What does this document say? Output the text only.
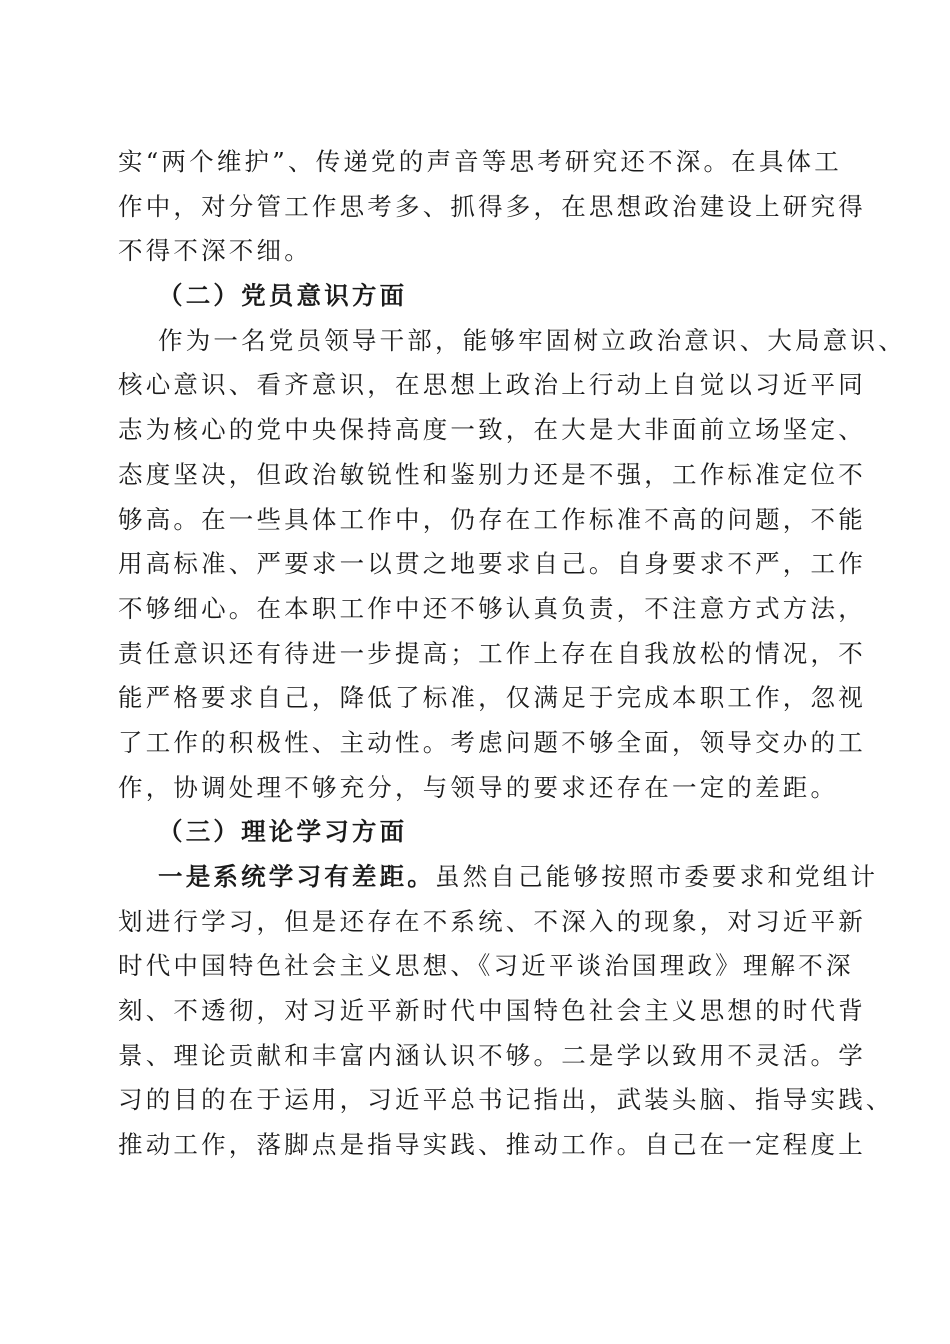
实“两个维护”、传递党的声音等思考研究还不深。在具体工
作中，对分管工作思考多、抓得多，在思想政治建设上研究得
不得不深不细。
（二）党员意识方面
作为一名党员领导干部，能够牢固树立政治意识、大局意识、
核心意识、看齐意识，在思想上政治上行动上自觉以习近平同
志为核心的党中央保持高度一致，在大是大非面前立场坚定、
态度坚决，但政治敏锐性和鉴别力还是不强，工作标准定位不
够高。在一些具体工作中，仍存在工作标准不高的问题，不能
用高标准、严要求一以贯之地要求自己。自身要求不严，工作
不够细心。在本职工作中还不够认真负责，不注意方式方法，
责任意识还有待进一步提高；工作上存在自我放松的情况，不
能严格要求自己，降低了标准，仅满足于完成本职工作，忽视
了工作的积极性、主动性。考虑问题不够全面，领导交办的工
作，协调处理不够充分，与领导的要求还存在一定的差距。
（三）理论学习方面
一是系统学习有差距。虽然自己能够按照市委要求和党组计
划进行学习，但是还存在不系统、不深入的现象，对习近平新
时代中国特色社会主义思想、《习近平谈治国理政》理解不深
刻、不透彻，对习近平新时代中国特色社会主义思想的时代背
景、理论贡献和丰富内涵认识不够。二是学以致用不灵活。学
习的目的在于运用，习近平总书记指出，武装头脑、指导实践、
推动工作，落脚点是指导实践、推动工作。自己在一定程度上
